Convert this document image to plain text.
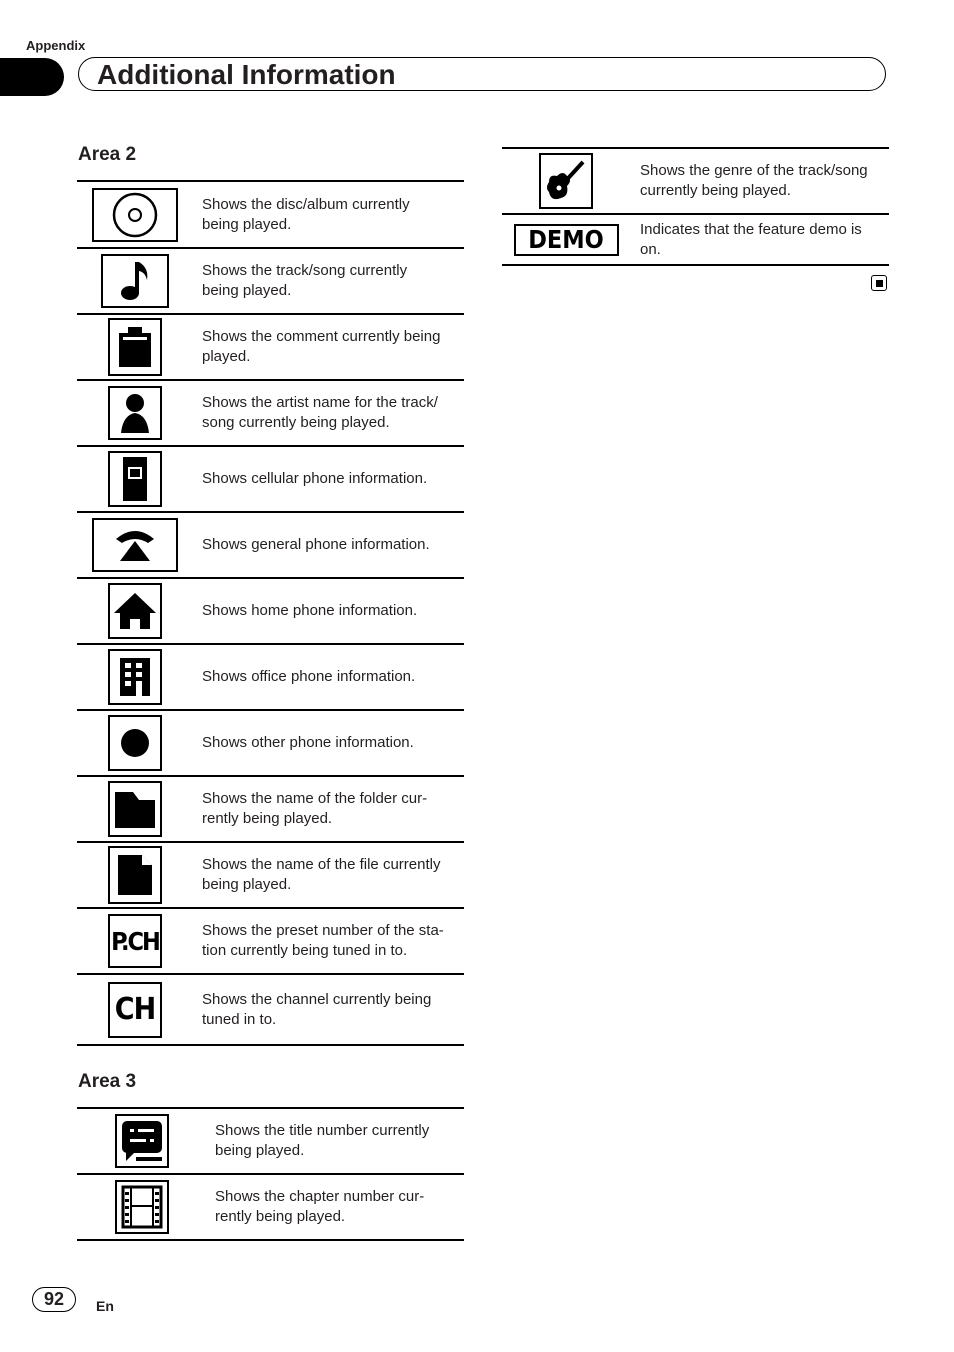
Appendix
Additional Information
Area 2
Shows the disc/album currently
being played.
Shows the track/song currently
being played.
Shows the comment currently being
played.
Shows the artist name for the track/
song currently being played.
Shows cellular phone information.
Shows general phone information.
Shows home phone information.
Shows office phone information.
Shows other phone information.
Shows the name of the folder cur-
rently being played.
Shows the name of the file currently
being played.
P.CH	Shows the preset number of the sta-
tion currently being tuned in to.
CH	Shows the channel currently being
tuned in to.
Area 3
Shows the title number currently
being played.
Shows the chapter number cur-
rently being played.
Shows the genre of the track/song
currently being played.
DEMO Indicates that the feature demo is
on.
92	En
